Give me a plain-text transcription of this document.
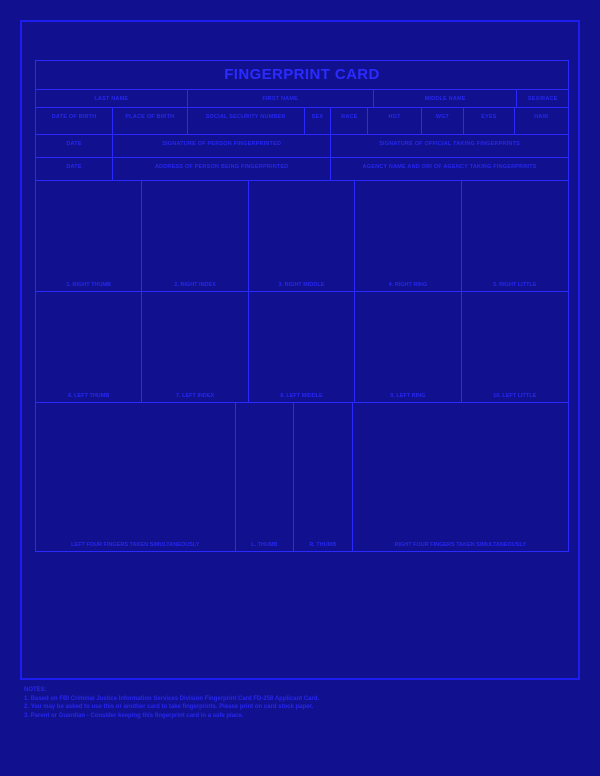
FINGERPRINT CARD
LAST NAME	FIRST NAME	MIDDLE NAME	SEX/RACE
DATE OF BIRTH	PLACE OF BIRTH	SOCIAL SECURITY NUMBER	SEX	RACE	HGT	WGT	EYES	HAIR
DATE	SIGNATURE OF PERSON FINGERPRINTED	SIGNATURE OF OFFICIAL TAKING FINGERPRINTS
DATE	ADDRESS OF PERSON BEING FINGERPRINTED	AGENCY NAME AND ORI OF AGENCY TAKING FINGERPRINTS
1. RIGHT THUMB	2. RIGHT INDEX	3. RIGHT MIDDLE	4. RIGHT RING	5. RIGHT LITTLE
6. LEFT THUMB	7. LEFT INDEX	8. LEFT MIDDLE	9. LEFT RING	10. LEFT LITTLE
LEFT FOUR FINGERS TAKEN SIMULTANEOUSLY	L. THUMB	R. THUMB	RIGHT FOUR FINGERS TAKEN SIMULTANEOUSLY
NOTES:
1. Based on FBI Criminal Justice Information Services Division Fingerprint Card FD-258 Applicant Card.
2. You may be asked to use this or another card to take fingerprints. Please print on card stock paper.
3. Parent or Guardian - Consider keeping this fingerprint card in a safe place.
